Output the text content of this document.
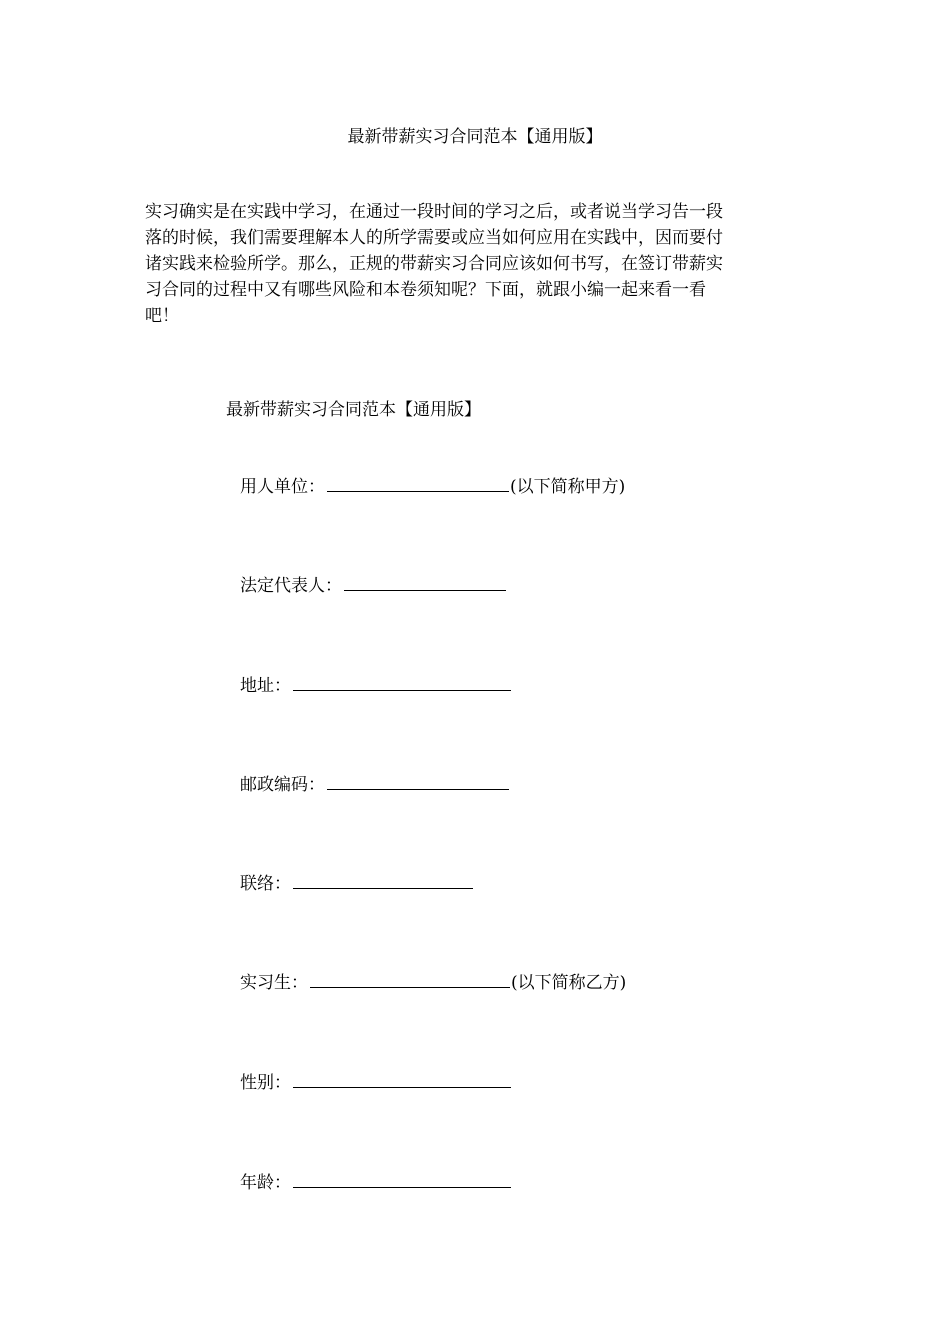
最新带薪实习合同范本【通用版】

实习确实是在实践中学习，在通过一段时间的学习之后，或者说当学习告一段
落的时候，我们需要理解本人的所学需要或应当如何应用在实践中，因而要付
诸实践来检验所学。那么，正规的带薪实习合同应该如何书写，在签订带薪实
习合同的过程中又有哪些风险和本卷须知呢？下面，就跟小编一起来看一看
吧！

最新带薪实习合同范本【通用版】
用人单位：	(以下简称甲方)
法定代表人：
地址：
邮政编码：
联络：
实习生：	(以下简称乙方)
性别：
年龄：
